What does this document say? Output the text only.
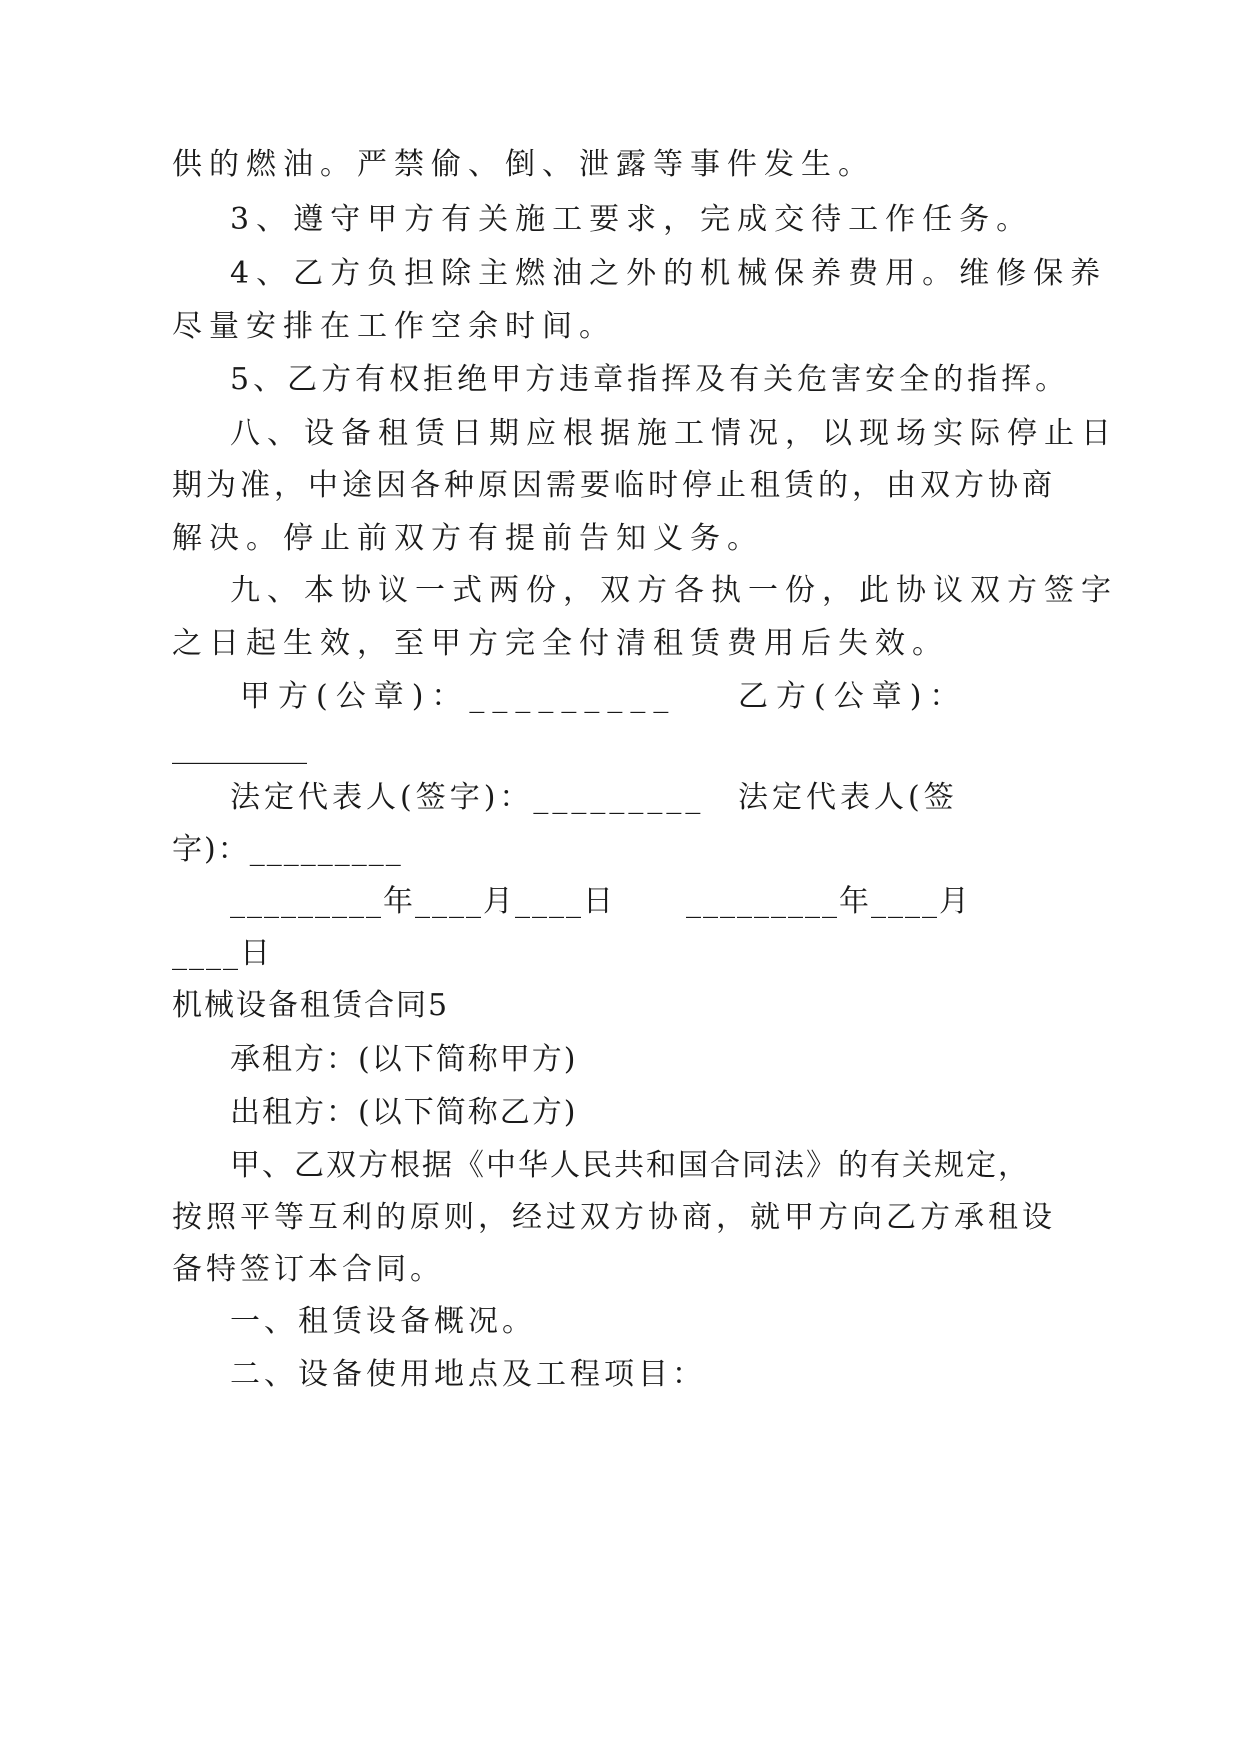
供的燃油。严禁偷、倒、泄露等事件发生。
3、遵守甲方有关施工要求，完成交待工作任务。
4、乙方负担除主燃油之外的机械保养费用。维修保养
尽量安排在工作空余时间。
5、乙方有权拒绝甲方违章指挥及有关危害安全的指挥。
八、设备租赁日期应根据施工情况，以现场实际停止日
期为准，中途因各种原因需要临时停止租赁的，由双方协商
解决。停止前双方有提前告知义务。
九、本协议一式两份，双方各执一份，此协议双方签字
之日起生效，至甲方完全付清租赁费用后失效。
甲方(公章)：_________ 乙方(公章)：
_________
法定代表人(签字)：_________ 法定代表人(签
字)：_________
_________年____月____日 _________年____月
____日
机械设备租赁合同5
承租方：(以下简称甲方)
出租方：(以下简称乙方)
甲、乙双方根据《中华人民共和国合同法》的有关规定，
按照平等互利的原则，经过双方协商，就甲方向乙方承租设
备特签订本合同。
一、租赁设备概况。
二、设备使用地点及工程项目：
